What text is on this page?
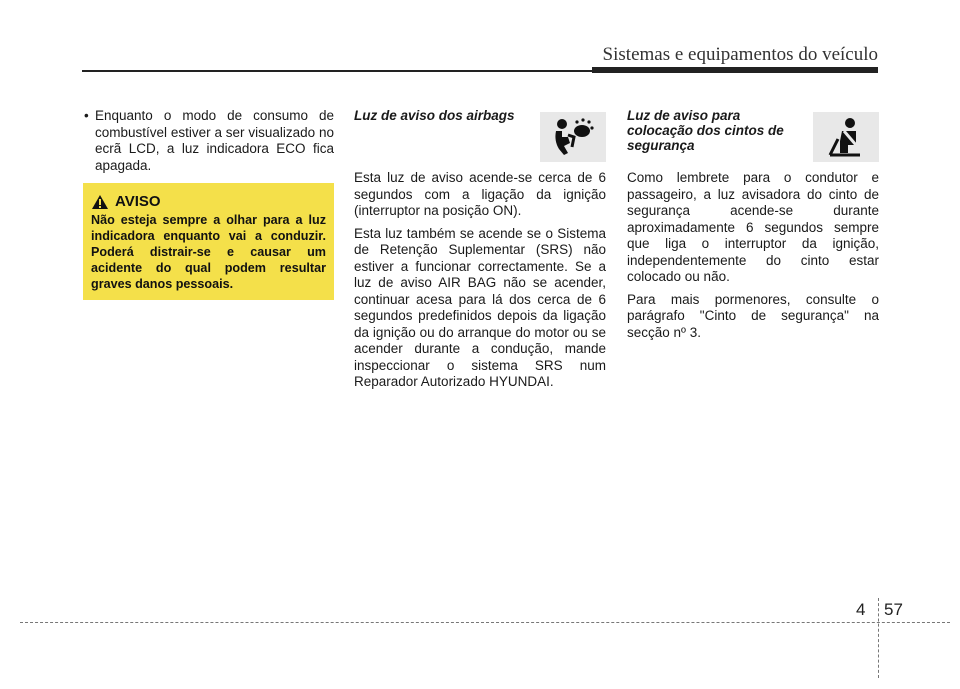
Sistemas e equipamentos do veículo
• Enquanto o modo de consumo de combustível estiver a ser visualizado no ecrã LCD, a luz indicadora ECO fica apagada.
AVISO
Não esteja sempre a olhar para a luz indicadora enquanto vai a conduzir. Poderá distrair-se e causar um acidente do qual podem resultar graves danos pessoais.
Luz de aviso dos airbags

Esta luz de aviso acende-se cerca de 6 segundos com a ligação da ignição (interruptor na posição ON).

Esta luz também se acende se o Sistema de Retenção Suplementar (SRS) não estiver a funcionar correctamente. Se a luz de aviso AIR BAG não se acender, continuar acesa para lá dos cerca de 6 segundos predefinidos depois da ligação da ignição ou do arranque do motor ou se acender durante a condução, mande inspeccionar o sistema SRS num Reparador Autorizado HYUNDAI.

Luz de aviso para colocação dos cintos de segurança

Como lembrete para o condutor e passageiro, a luz avisadora do cinto de segurança acende-se durante aproximadamente 6 segundos sempre que liga o interruptor da ignição, independentemente do cinto estar colocado ou não.

Para mais pormenores, consulte o parágrafo "Cinto de segurança" na secção nº 3.

4 57
